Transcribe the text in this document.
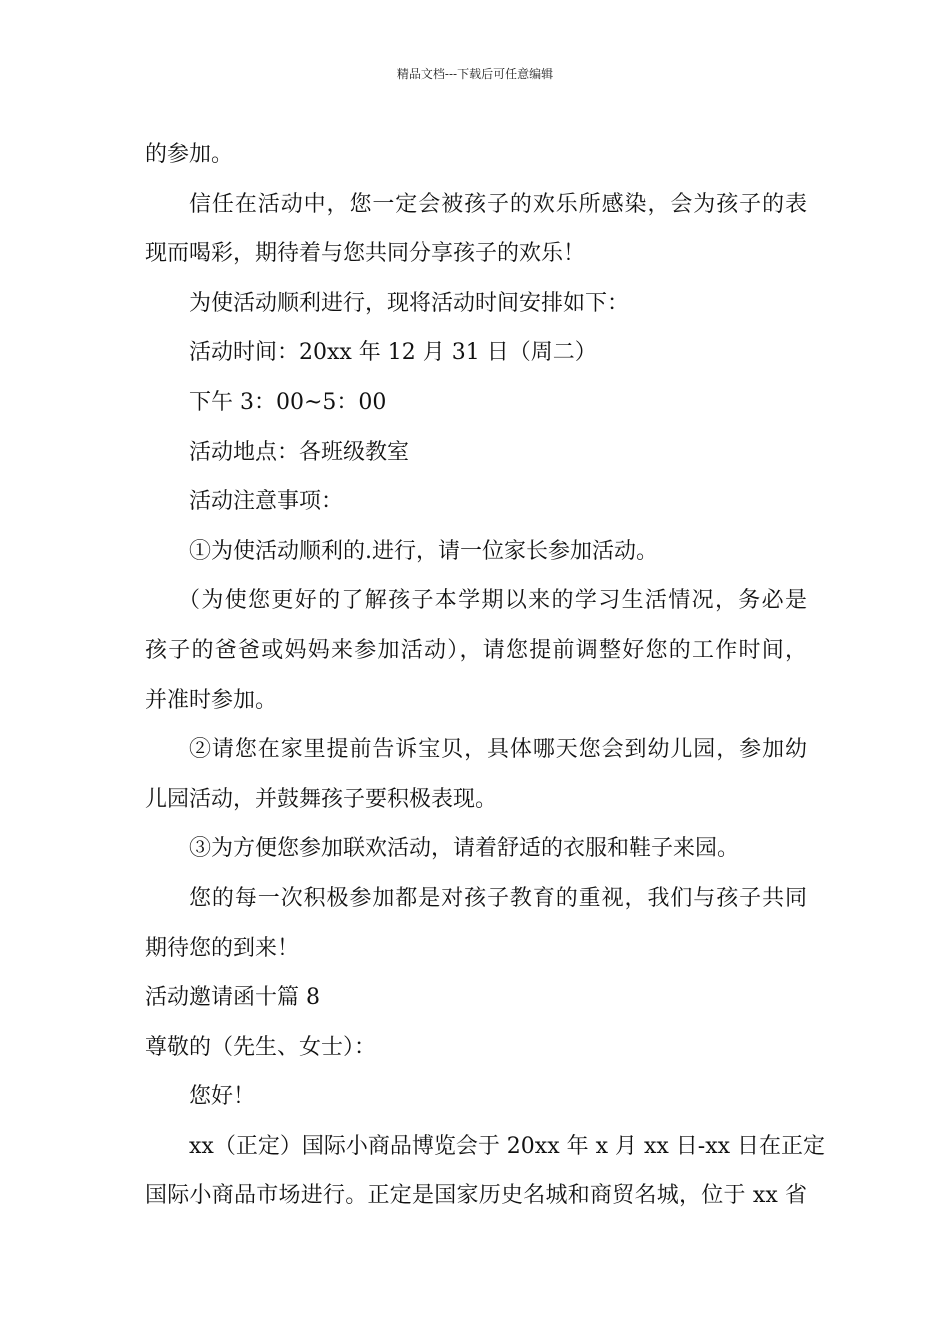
精品文档---下载后可任意编辑
的参加。
信任在活动中，您一定会被孩子的欢乐所感染，会为孩子的表
现而喝彩，期待着与您共同分享孩子的欢乐！
为使活动顺利进行，现将活动时间安排如下：
活动时间：20xx 年 12 月 31 日（周二）
下午 3：00~5：00
活动地点：各班级教室
活动注意事项：
①为使活动顺利的.进行，请一位家长参加活动。
（为使您更好的了解孩子本学期以来的学习生活情况，务必是
孩子的爸爸或妈妈来参加活动），请您提前调整好您的工作时间，
并准时参加。
②请您在家里提前告诉宝贝，具体哪天您会到幼儿园，参加幼
儿园活动，并鼓舞孩子要积极表现。
③为方便您参加联欢活动，请着舒适的衣服和鞋子来园。
您的每一次积极参加都是对孩子教育的重视，我们与孩子共同
期待您的到来！
活动邀请函十篇 8
尊敬的（先生、女士）：
您好！
xx（正定）国际小商品博览会于 20xx 年 x 月 xx 日-xx 日在正定
国际小商品市场进行。正定是国家历史名城和商贸名城，位于 xx 省
